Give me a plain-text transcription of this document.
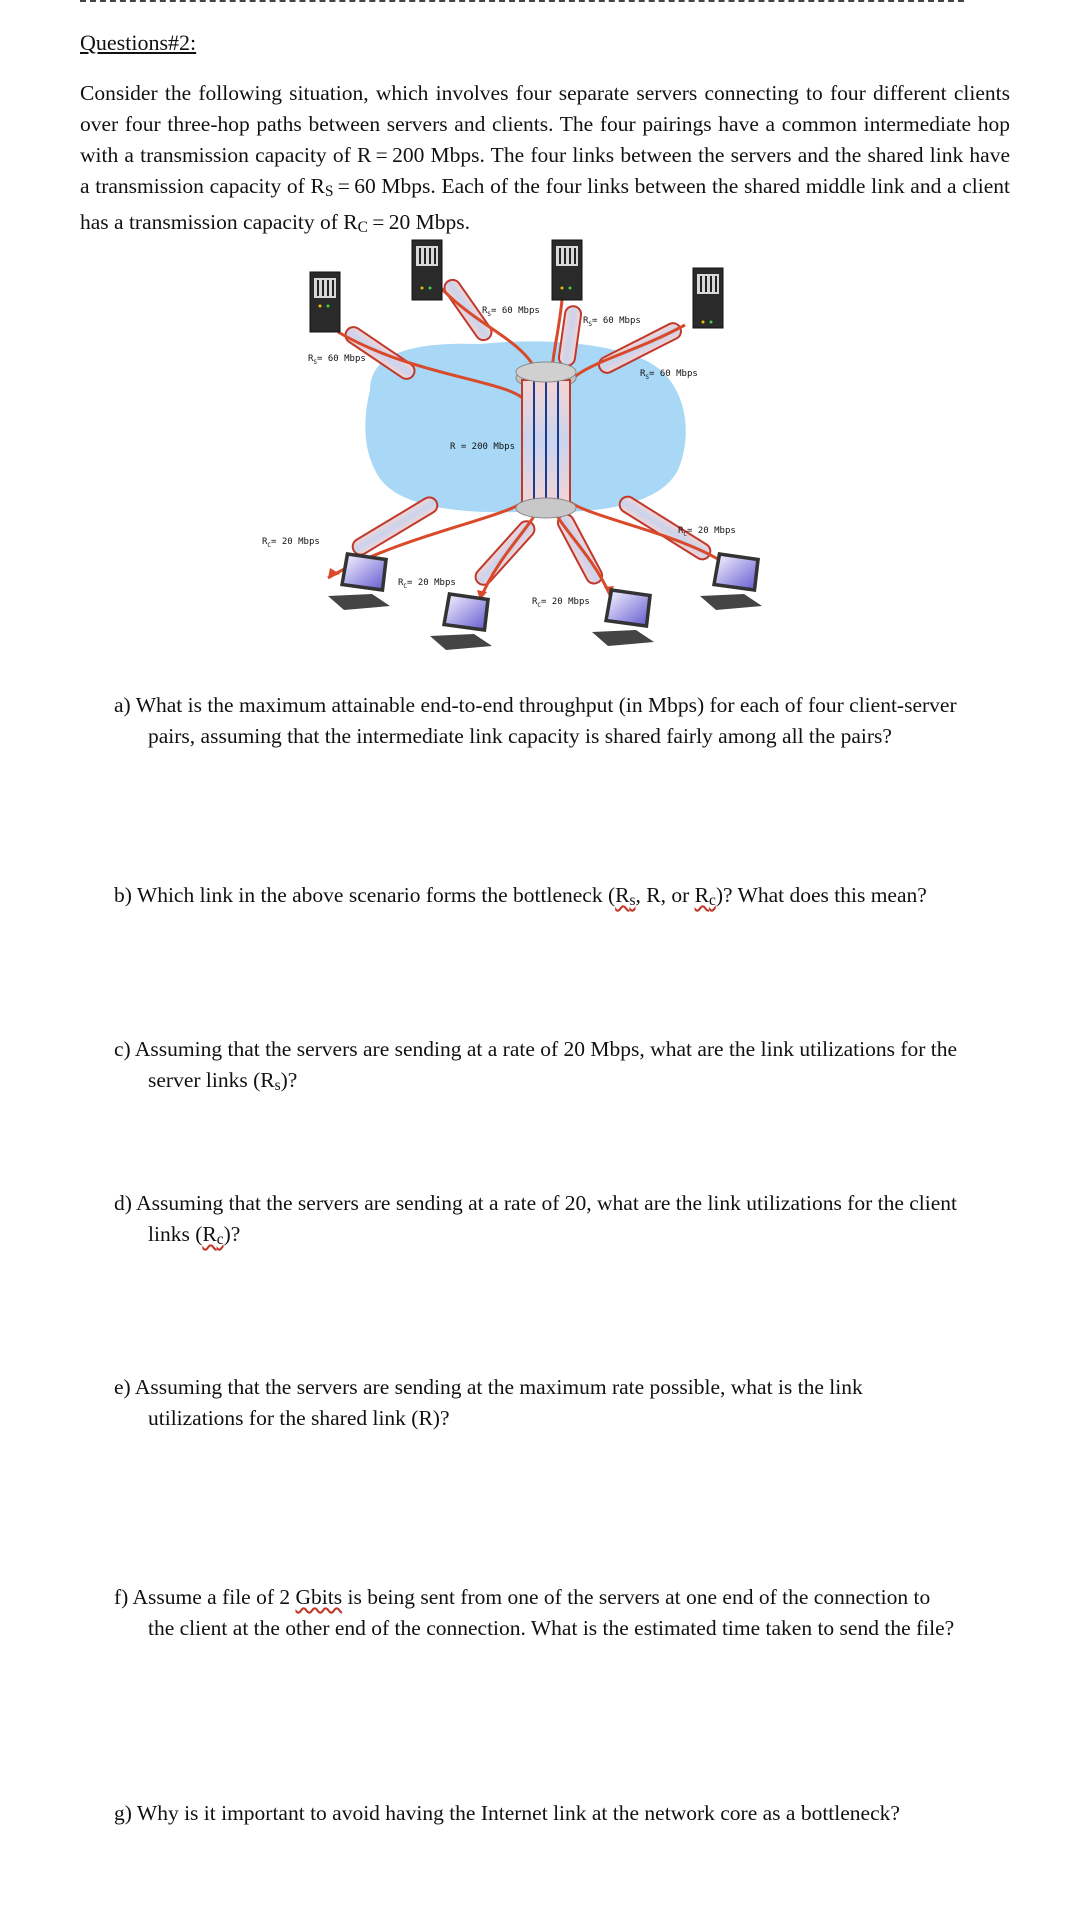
Questions#2:

Consider the following situation, which involves four separate servers connecting to four different clients over four three-hop paths between servers and clients. The four pairings have a common intermediate hop with a transmission capacity of R = 200 Mbps. The four links between the servers and the shared link have a transmission capacity of $R_S = 60$ Mbps. Each of the four links between the shared middle link and a client has a transmission capacity of $R_C = 20$ Mbps.

R = 200 Mbps
$R_S= 60$ Mbps
$R_S= 60$ Mbps
$R_S= 60$ Mbps
$R_S= 60$ Mbps
$R_C= 20$ Mbps
$R_C= 20$ Mbps
$R_C= 20$ Mbps
$R_C= 20$ Mbps

a) What is the maximum attainable end-to-end throughput (in Mbps) for each of four client-server
pairs, assuming that the intermediate link capacity is shared fairly among all the pairs?

b) Which link in the above scenario forms the bottleneck ($R_s$, R, or $R_c$)? What does this mean?

c) Assuming that the servers are sending at a rate of 20 Mbps, what are the link utilizations for the
server links $(R_s)$?

d) Assuming that the servers are sending at a rate of 20, what are the link utilizations for the client
links $(R_c)$?

e) Assuming that the servers are sending at the maximum rate possible, what is the link
utilizations for the shared link (R)?

f) Assume a file of 2 Gbits is being sent from one of the servers at one end of the connection to
the client at the other end of the connection. What is the estimated time taken to send the file?

g) Why is it important to avoid having the Internet link at the network core as a bottleneck?
